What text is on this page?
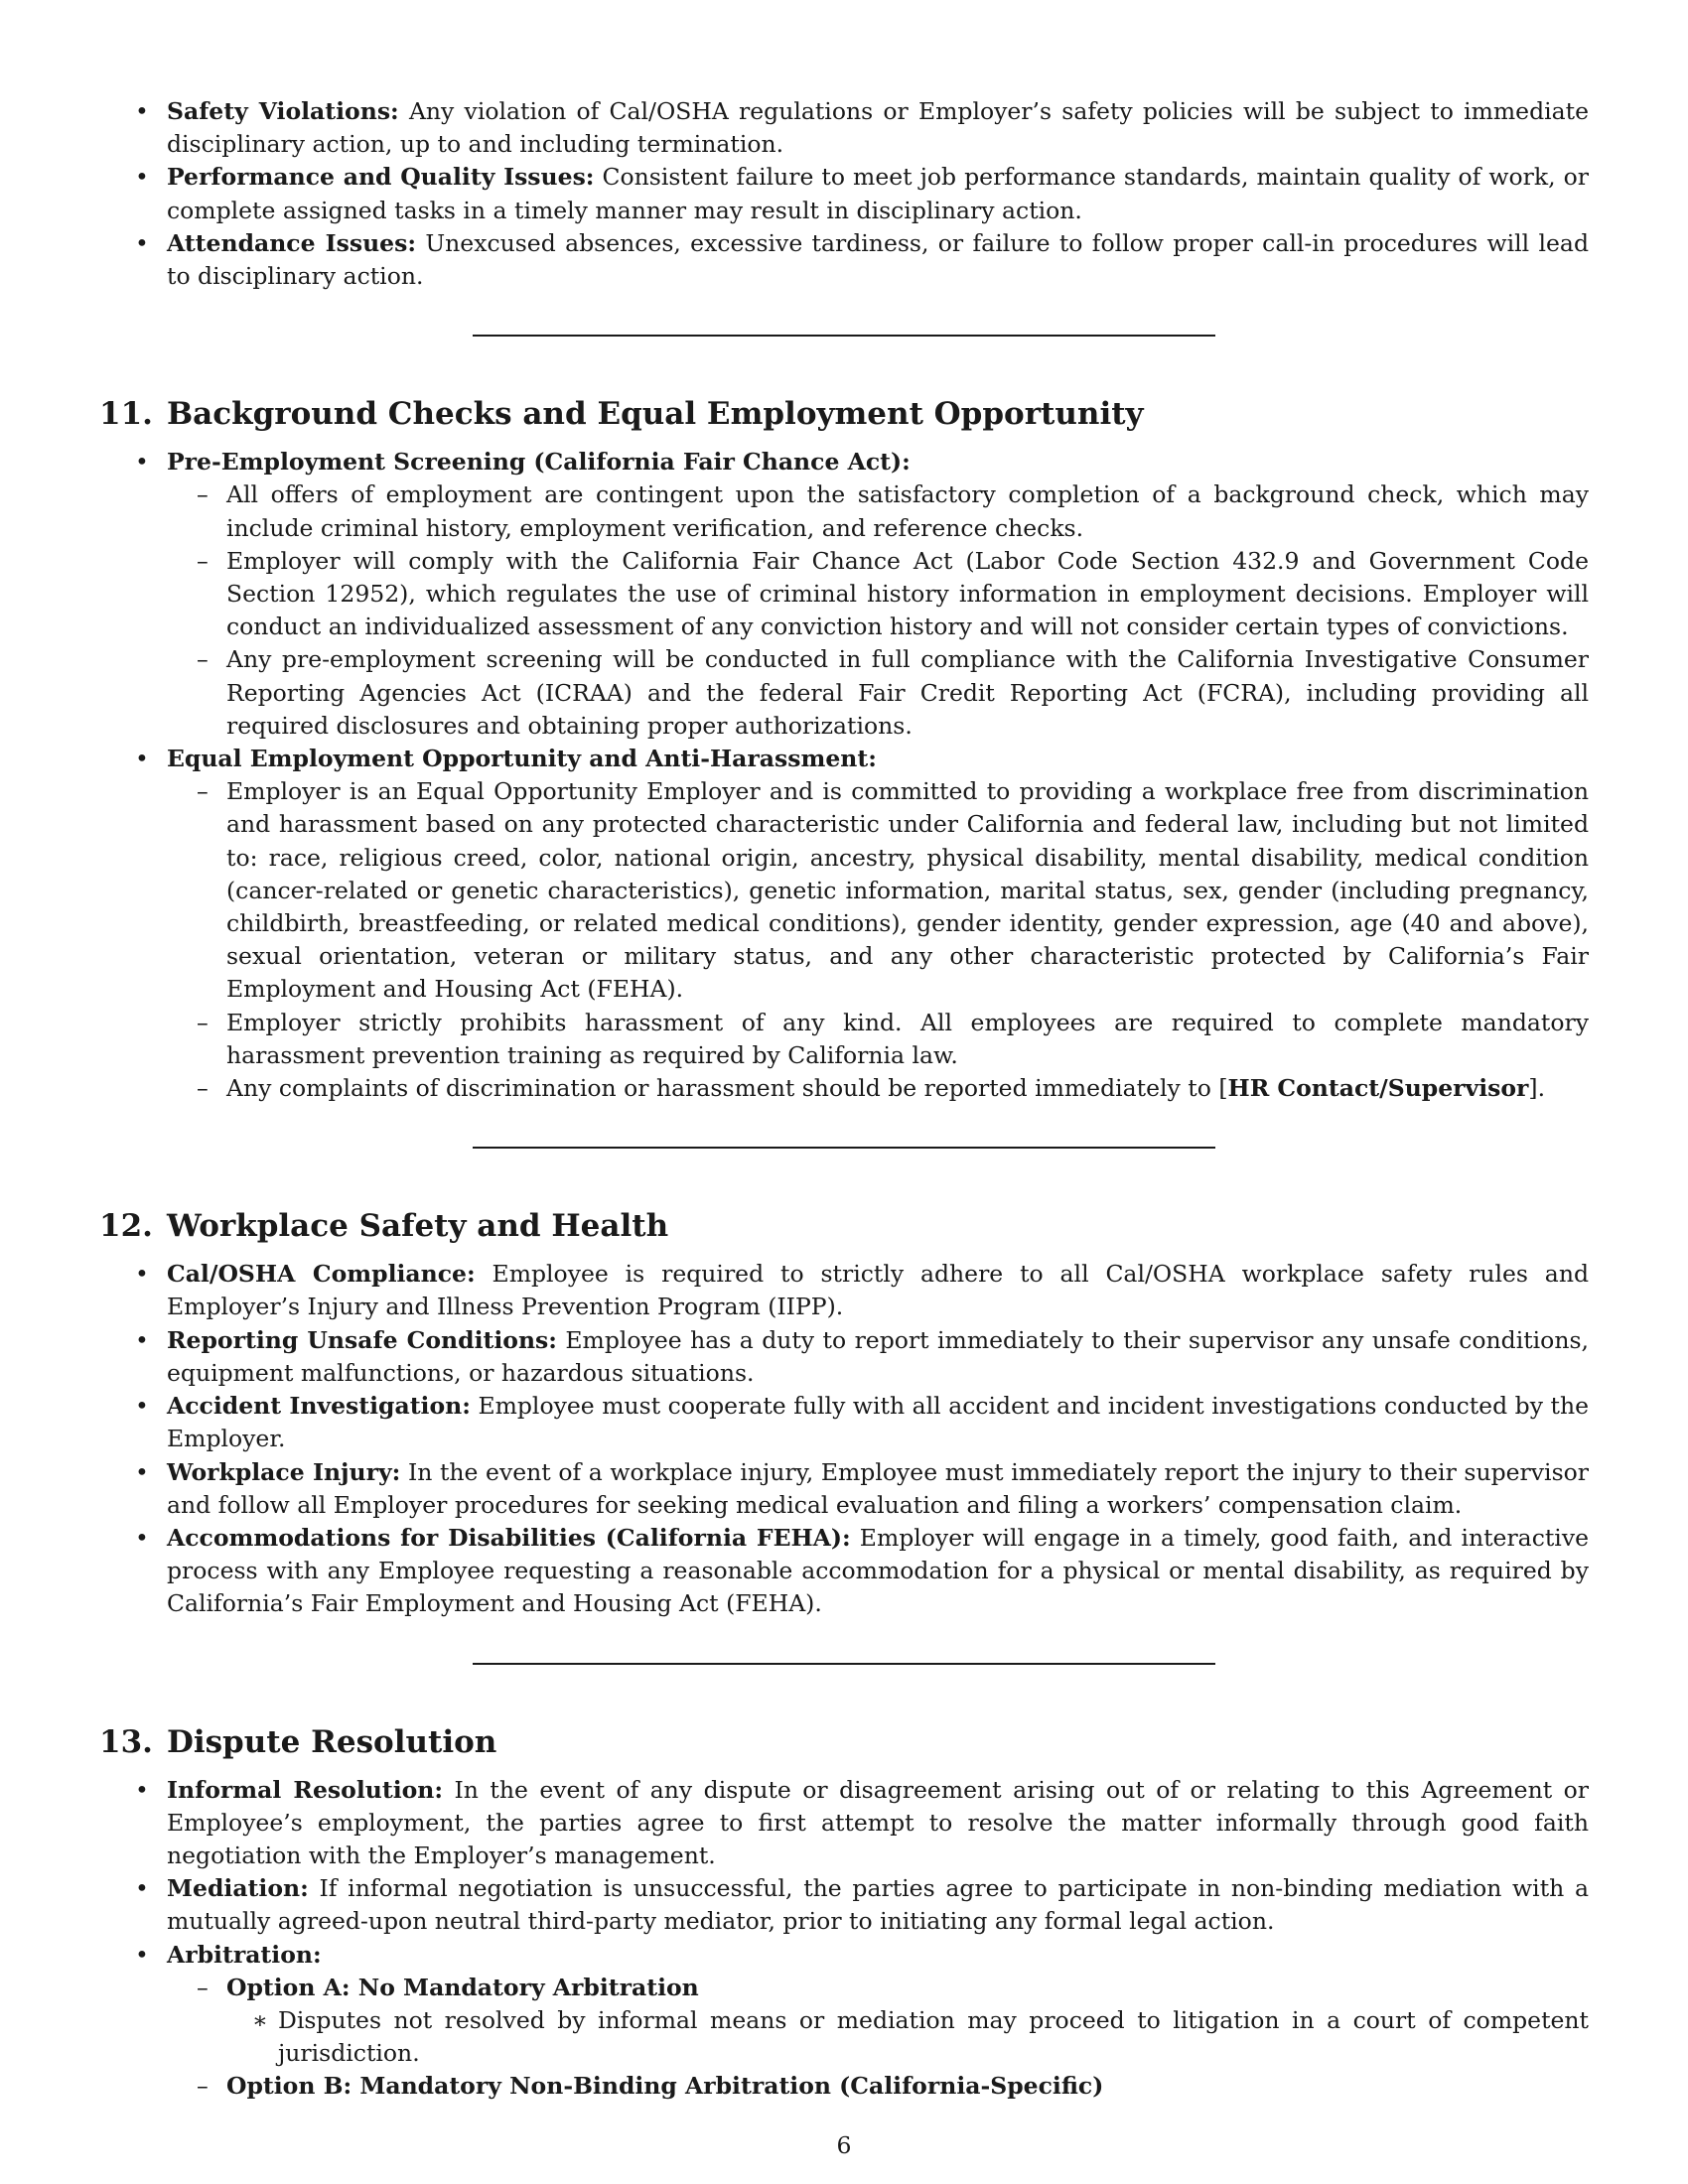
• Safety Violations: Any violation of Cal/OSHA regulations or Employer’s safety policies will be subject to immediate disciplinary action, up to and including termination.
• Performance and Quality Issues: Consistent failure to meet job performance standards, maintain quality of work, or complete assigned tasks in a timely manner may result in disciplinary action.
• Attendance Issues: Unexcused absences, excessive tardiness, or failure to follow proper call-in procedures will lead to disciplinary action.
11. Background Checks and Equal Employment Opportunity
• Pre-Employment Screening (California Fair Chance Act):
– All offers of employment are contingent upon the satisfactory completion of a background check, which may include criminal history, employment verification, and reference checks.
– Employer will comply with the California Fair Chance Act (Labor Code Section 432.9 and Government Code Section 12952), which regulates the use of criminal history information in employment decisions. Employer will conduct an individualized assessment of any conviction history and will not consider certain types of convictions.
– Any pre-employment screening will be conducted in full compliance with the California Investigative Consumer Reporting Agencies Act (ICRAA) and the federal Fair Credit Reporting Act (FCRA), including providing all required disclosures and obtaining proper authorizations.
• Equal Employment Opportunity and Anti-Harassment:
– Employer is an Equal Opportunity Employer and is committed to providing a workplace free from discrimination and harassment based on any protected characteristic under California and federal law, including but not limited to: race, religious creed, color, national origin, ancestry, physical disability, mental disability, medical condition (cancer-related or genetic characteristics), genetic information, marital status, sex, gender (including pregnancy, childbirth, breastfeeding, or related medical conditions), gender identity, gender expression, age (40 and above), sexual orientation, veteran or military status, and any other characteristic protected by California’s Fair Employment and Housing Act (FEHA).
– Employer strictly prohibits harassment of any kind. All employees are required to complete mandatory harassment prevention training as required by California law.
– Any complaints of discrimination or harassment should be reported immediately to [HR Contact/Supervisor].
12. Workplace Safety and Health
• Cal/OSHA Compliance: Employee is required to strictly adhere to all Cal/OSHA workplace safety rules and Employer’s Injury and Illness Prevention Program (IIPP).
• Reporting Unsafe Conditions: Employee has a duty to report immediately to their supervisor any unsafe conditions, equipment malfunctions, or hazardous situations.
• Accident Investigation: Employee must cooperate fully with all accident and incident investigations conducted by the Employer.
• Workplace Injury: In the event of a workplace injury, Employee must immediately report the injury to their supervisor and follow all Employer procedures for seeking medical evaluation and filing a workers’ compensation claim.
• Accommodations for Disabilities (California FEHA): Employer will engage in a timely, good faith, and interactive process with any Employee requesting a reasonable accommodation for a physical or mental disability, as required by California’s Fair Employment and Housing Act (FEHA).
13. Dispute Resolution
• Informal Resolution: In the event of any dispute or disagreement arising out of or relating to this Agreement or Employee’s employment, the parties agree to first attempt to resolve the matter informally through good faith negotiation with the Employer’s management.
• Mediation: If informal negotiation is unsuccessful, the parties agree to participate in non-binding mediation with a mutually agreed-upon neutral third-party mediator, prior to initiating any formal legal action.
• Arbitration:
– Option A: No Mandatory Arbitration
∗ Disputes not resolved by informal means or mediation may proceed to litigation in a court of competent jurisdiction.
– Option B: Mandatory Non-Binding Arbitration (California-Specific)
6
